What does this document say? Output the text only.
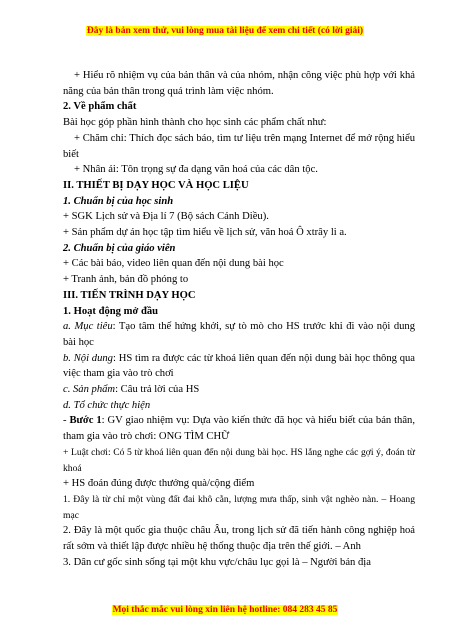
Đây là bản xem thử, vui lòng mua tài liệu để xem chi tiết (có lời giải)

+ Hiểu rõ nhiệm vụ của bản thân và của nhóm, nhận công việc phù hợp với khả năng của bản thân trong quá trình làm việc nhóm.

2. Về phẩm chất

Bài học góp phần hình thành cho học sinh các phẩm chất như:

+ Chăm chỉ: Thích đọc sách báo, tìm tư liệu trên mạng Internet để mở rộng hiểu biết

+ Nhân ái: Tôn trọng sự đa dạng văn hoá của các dân tộc.

II. THIẾT BỊ DẠY HỌC VÀ HỌC LIỆU

1. Chuẩn bị của học sinh

+ SGK Lịch sử và Địa lí 7 (Bộ sách Cánh Diều).

+ Sản phẩm dự án học tập tìm hiểu về lịch sử, văn hoá Ô xtrây li a.

2. Chuẩn bị của giáo viên

+ Các bài báo, video liên quan đến nội dung bài học

+ Tranh ảnh, bản đồ phóng to

III. TIẾN TRÌNH DẠY HỌC

1. Hoạt động mở đầu

a. Mục tiêu: Tạo tâm thế hứng khởi, sự tò mò cho HS trước khi đi vào nội dung bài học

b. Nội dung: HS tìm ra được các từ khoá liên quan đến nội dung bài học thông qua việc tham gia vào trò chơi

c. Sản phẩm: Câu trả lời của HS

d. Tổ chức thực hiện

- Bước 1: GV giao nhiệm vụ: Dựa vào kiến thức đã học và hiểu biết của bản thân, tham gia vào trò chơi: ONG TÌM CHỮ

+ Luật chơi: Có 5 từ khoá liên quan đến nội dung bài học. HS lắng nghe các gợi ý, đoán từ khoá

+ HS đoán đúng được thưởng quà/cộng điểm

1. Đây là từ chỉ một vùng đất đai khô cằn, lượng mưa thấp, sinh vật nghèo nàn. – Hoang mạc

2. Đây là một quốc gia thuộc châu Âu, trong lịch sử đã tiến hành công nghiệp hoá rất sớm và thiết lập được nhiều hệ thống thuộc địa trên thế giới. – Anh

3. Dân cư gốc sinh sống tại một khu vực/châu lục gọi là – Người bản địa

Mọi thắc mắc vui lòng xin liên hệ hotline: 084 283 45 85
